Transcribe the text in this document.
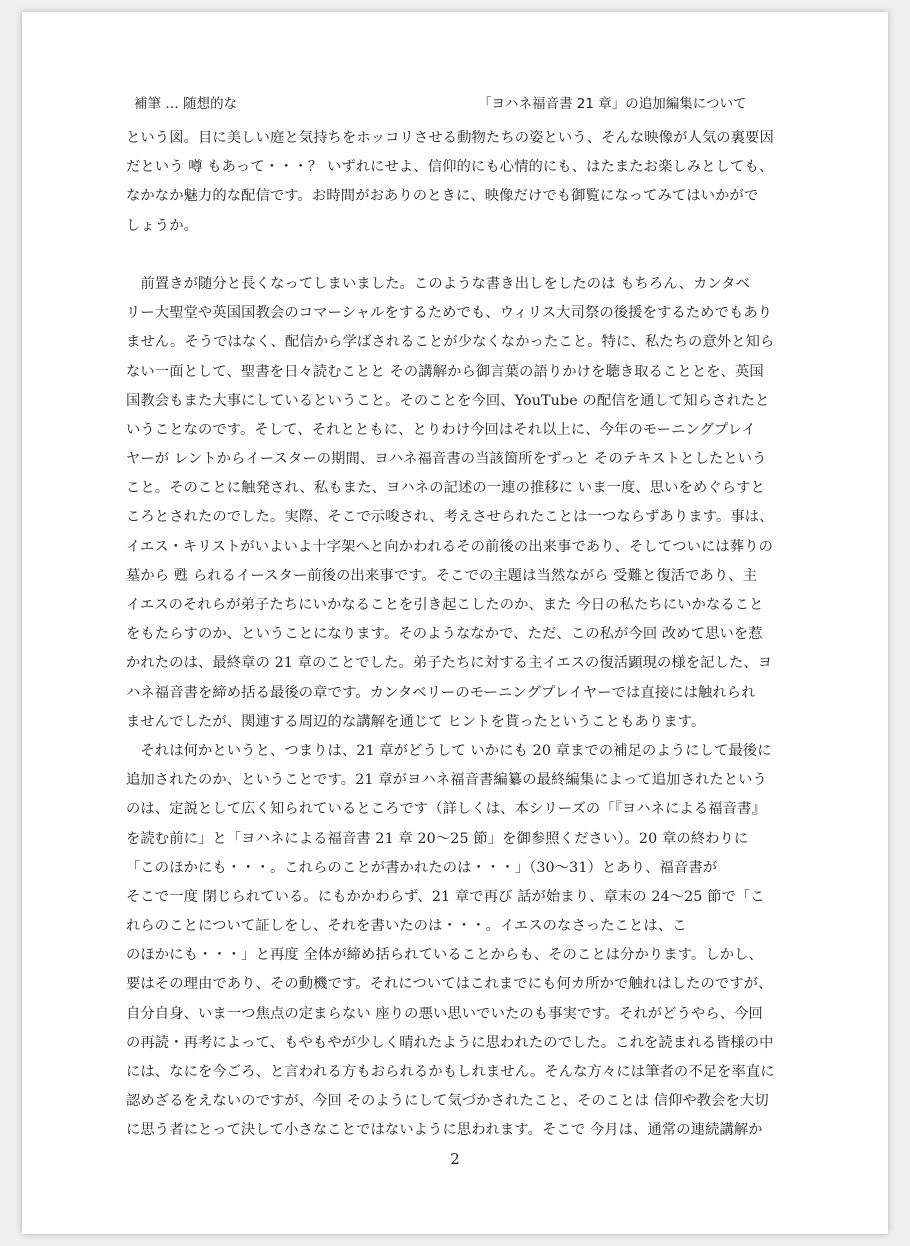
補筆 … 随想的な	「ヨハネ福音書 21 章」の追加編集について
という図。目に美しい庭と気持ちをホッコリさせる動物たちの姿という、そんな映像が人気の裏要因
だという 噂 もあって・・・？ いずれにせよ、信仰的にも心情的にも、はたまたお楽しみとしても、
なかなか魅力的な配信です。お時間がおありのときに、映像だけでも御覧になってみてはいかがで
しょうか。
　前置きが随分と長くなってしまいました。このような書き出しをしたのは もちろん、カンタベ
リー大聖堂や英国国教会のコマーシャルをするためでも、ウィリス大司祭の後援をするためでもあり
ません。そうではなく、配信から学ばされることが少なくなかったこと。特に、私たちの意外と知ら
ない一面として、聖書を日々読むことと その講解から御言葉の語りかけを聴き取ることとを、英国
国教会もまた大事にしているということ。そのことを今回、YouTube の配信を通して知らされたと
いうことなのです。そして、それとともに、とりわけ今回はそれ以上に、今年のモーニングプレイ
ヤーが レントからイースターの期間、ヨハネ福音書の当該箇所をずっと そのテキストとしたという
こと。そのことに触発され、私もまた、ヨハネの記述の一連の推移に いま一度、思いをめぐらすと
ころとされたのでした。実際、そこで示唆され、考えさせられたことは一つならずあります。事は、
イエス・キリストがいよいよ十字架へと向かわれるその前後の出来事であり、そしてついには葬りの
墓から 甦 られるイースター前後の出来事です。そこでの主題は当然ながら 受難と復活であり、主
イエスのそれらが弟子たちにいかなることを引き起こしたのか、また 今日の私たちにいかなること
をもたらすのか、ということになります。そのようななかで、ただ、この私が今回 改めて思いを惹
かれたのは、最終章の 21 章のことでした。弟子たちに対する主イエスの復活顕現の様を記した、ヨ
ハネ福音書を締め括る最後の章です。カンタベリーのモーニングプレイヤーでは直接には触れられ
ませんでしたが、関連する周辺的な講解を通じて ヒントを貰ったということもあります。
　それは何かというと、つまりは、21 章がどうして いかにも 20 章までの補足のようにして最後に
追加されたのか、ということです。21 章がヨハネ福音書編纂の最終編集によって追加されたという
のは、定説として広く知られているところです（詳しくは、本シリーズの「『ヨハネによる福音書』
を読む前に」と「ヨハネによる福音書 21 章 20〜25 節」を御参照ください）。20 章の終わりに
「このほかにも・・・。これらのことが書かれたのは・・・」（30〜31）とあり、福音書が
そこで一度 閉じられている。にもかかわらず、21 章で再び 話が始まり、章末の 24〜25 節で「こ
れらのことについて証しをし、それを書いたのは・・・。イエスのなさったことは、こ
のほかにも・・・」と再度 全体が締め括られていることからも、そのことは分かります。しかし、
要はその理由であり、その動機です。それについてはこれまでにも何カ所かで触れはしたのですが、
自分自身、いま一つ焦点の定まらない 座りの悪い思いでいたのも事実です。それがどうやら、今回
の再読・再考によって、もやもやが少しく晴れたように思われたのでした。これを読まれる皆様の中
には、なにを今ごろ、と言われる方もおられるかもしれません。そんな方々には筆者の不足を率直に
認めざるをえないのですが、今回 そのようにして気づかされたこと、そのことは 信仰や教会を大切
に思う者にとって決して小さなことではないように思われます。そこで 今月は、通常の連続講解か
2
